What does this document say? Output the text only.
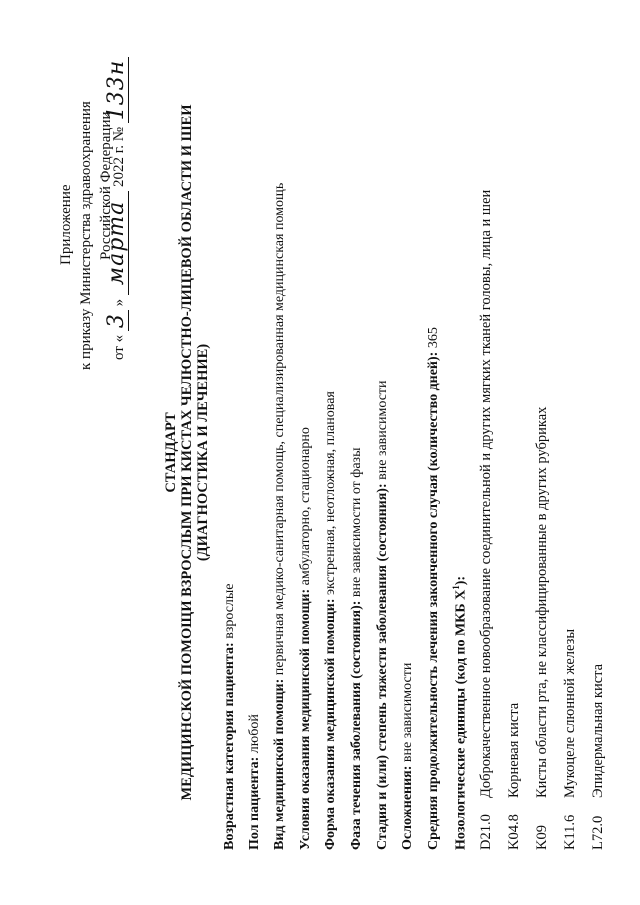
Приложение к приказу Министерства здравоохранения Российской Федерации
от « 3 » марта 2022 г. № 133н
СТАНДАРТ МЕДИЦИНСКОЙ ПОМОЩИ ВЗРОСЛЫМ ПРИ КИСТАХ ЧЕЛЮСТНО-ЛИЦЕВОЙ ОБЛАСТИ И ШЕИ (ДИАГНОСТИКА И ЛЕЧЕНИЕ)
Возрастная категория пациента: взрослые
Пол пациента: любой Вид медицинской помощи: первичная медико-санитарная помощь, специализированная медицинская помощь
Условия оказания медицинской помощи: амбулаторно, стационарно
Форма оказания медицинской помощи: экстренная, неотложная, плановая
Фаза течения заболевания (состояния): вне зависимости от фазы Стадия и (или) степень тяжести заболевания (состояния): вне зависимости
Осложнения: вне зависимости Средняя продолжительность лечения законченного случая (количество дней): 365
Нозологические единицы (код по МКБ $X^1$):
D21.0Доброкачественное новообразование соединительной и других мягких тканей головы, лица и шеи
K04.8Корневая киста
K09Кисты области рта, не классифицированные в других рубриках
K11.6Мукоцеле слюнной железы
L72.0Эпидермальная киста
